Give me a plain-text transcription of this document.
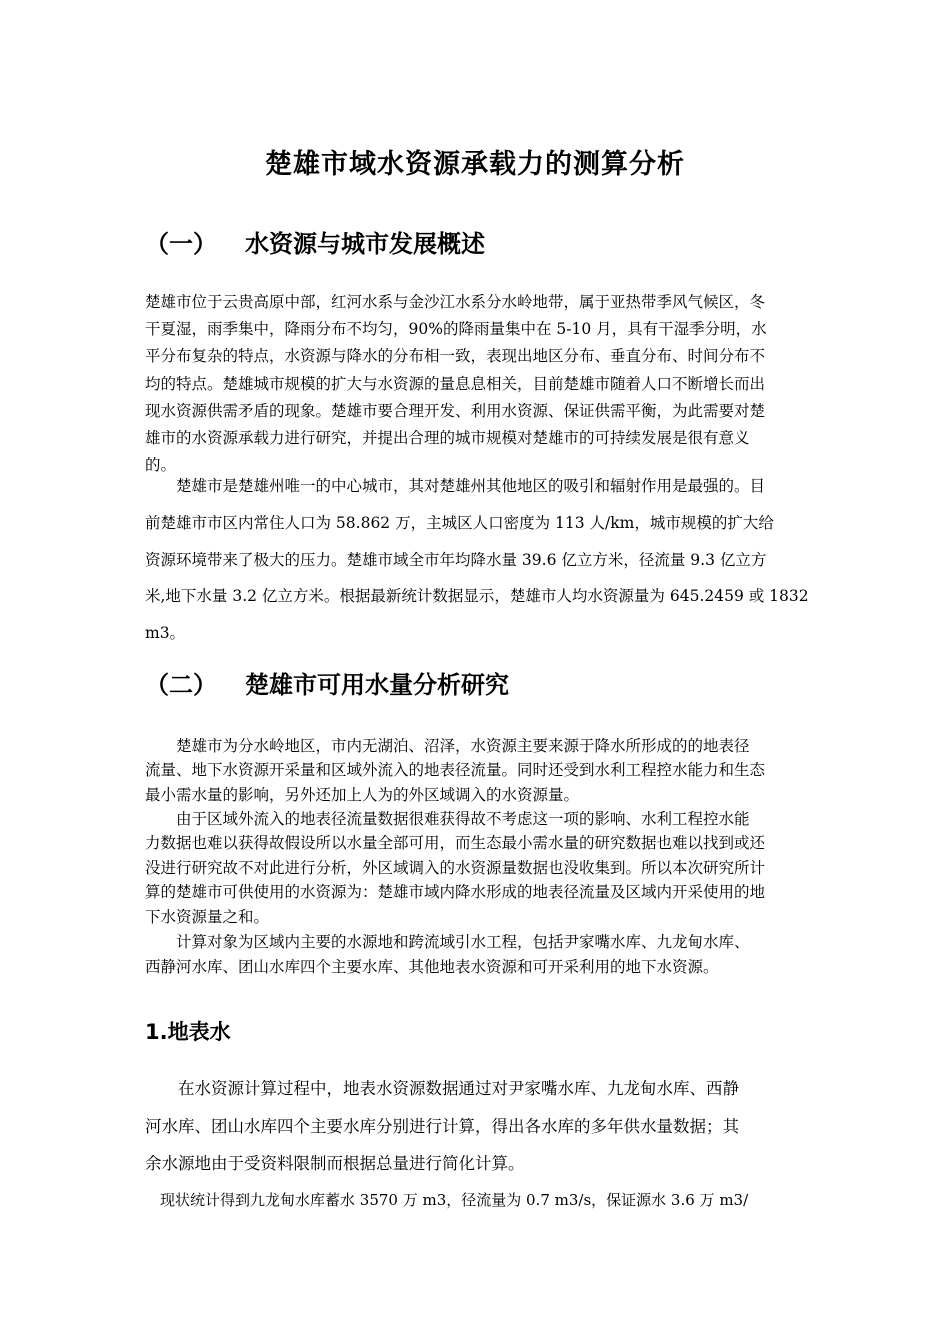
楚雄市域水资源承载力的测算分析
（一） 水资源与城市发展概述
楚雄市位于云贵高原中部，红河水系与金沙江水系分水岭地带，属于亚热带季风气候区，冬
干夏湿，雨季集中，降雨分布不均匀，90%的降雨量集中在 5-10 月，具有干湿季分明，水
平分布复杂的特点，水资源与降水的分布相一致，表现出地区分布、垂直分布、时间分布不
均的特点。楚雄城市规模的扩大与水资源的量息息相关，目前楚雄市随着人口不断增长而出
现水资源供需矛盾的现象。楚雄市要合理开发、利用水资源、保证供需平衡，为此需要对楚
雄市的水资源承载力进行研究，并提出合理的城市规模对楚雄市的可持续发展是很有意义
的。
　　楚雄市是楚雄州唯一的中心城市，其对楚雄州其他地区的吸引和辐射作用是最强的。目
前楚雄市市区内常住人口为 58.862 万，主城区人口密度为 113 人/km，城市规模的扩大给
资源环境带来了极大的压力。楚雄市域全市年均降水量 39.6 亿立方米，径流量 9.3 亿立方
米,地下水量 3.2 亿立方米。根据最新统计数据显示，楚雄市人均水资源量为 645.2459 或 1832
m3。
（二） 楚雄市可用水量分析研究
　　楚雄市为分水岭地区，市内无湖泊、沼泽，水资源主要来源于降水所形成的的地表径
流量、地下水资源开采量和区域外流入的地表径流量。同时还受到水利工程控水能力和生态
最小需水量的影响，另外还加上人为的外区域调入的水资源量。
　　由于区域外流入的地表径流量数据很难获得故不考虑这一项的影响、水利工程控水能
力数据也难以获得故假设所以水量全部可用，而生态最小需水量的研究数据也难以找到或还
没进行研究故不对此进行分析，外区域调入的水资源量数据也没收集到。所以本次研究所计
算的楚雄市可供使用的水资源为：楚雄市域内降水形成的地表径流量及区域内开采使用的地
下水资源量之和。
　　计算对象为区域内主要的水源地和跨流域引水工程，包括尹家嘴水库、九龙甸水库、
西静河水库、团山水库四个主要水库、其他地表水资源和可开采利用的地下水资源。
1.地表水
　　在水资源计算过程中，地表水资源数据通过对尹家嘴水库、九龙甸水库、西静
河水库、团山水库四个主要水库分别进行计算，得出各水库的多年供水量数据；其
余水源地由于受资料限制而根据总量进行简化计算。
　现状统计得到九龙甸水库蓄水 3570 万 m3，径流量为 0.7 m3/s，保证源水 3.6 万 m3/
